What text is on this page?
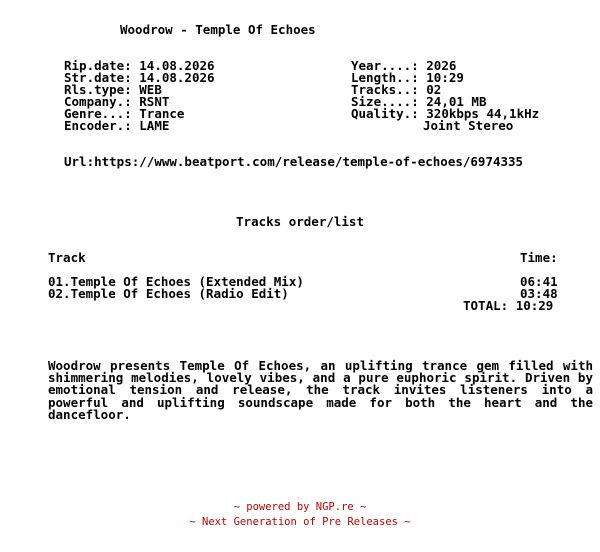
Woodrow - Temple Of Echoes
Rip.date: 14.08.2026
Str.date: 14.08.2026
Rls.type: WEB
Company.: RSNT
Genre...: Trance
Encoder.: LAME
Year....: 2026
Length..: 10:29
Tracks..: 02
Size....: 24,01 MB
Quality.: 320kbps 44,1kHz
Joint Stereo
Url:https://www.beatport.com/release/temple-of-echoes/6974335
Tracks order/list
Track	Time:
01.Temple Of Echoes (Extended Mix)	06:41
02.Temple Of Echoes (Radio Edit)	03:48
TOTAL: 10:29
Woodrow presents Temple Of Echoes, an uplifting trance gem filled with shimmering melodies, lovely vibes, and a pure euphoric spirit. Driven by emotional tension and release, the track invites listeners into a powerful and uplifting soundscape made for both the heart and the dancefloor.
~ powered by NGP.re ~
~ Next Generation of Pre Releases ~
